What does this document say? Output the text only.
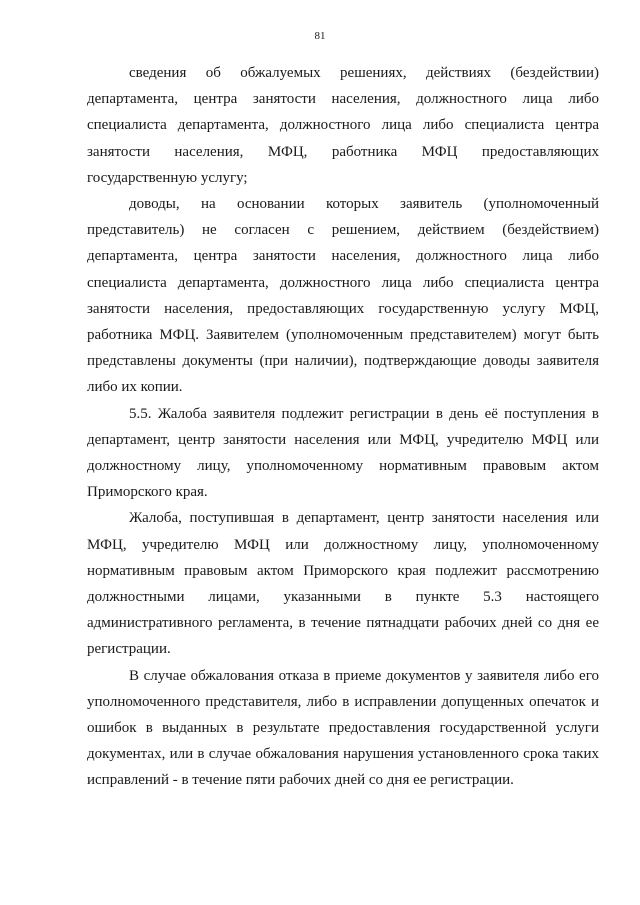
81

сведения об обжалуемых решениях, действиях (бездействии) департамента, центра занятости населения, должностного лица либо специалиста департамента, должностного лица либо специалиста центра занятости населения, МФЦ, работника МФЦ предоставляющих государственную услугу;

доводы, на основании которых заявитель (уполномоченный представитель) не согласен с решением, действием (бездействием) департамента, центра занятости населения, должностного лица либо специалиста департамента, должностного лица либо специалиста центра занятости населения, предоставляющих государственную услугу МФЦ, работника МФЦ. Заявителем (уполномоченным представителем) могут быть представлены документы (при наличии), подтверждающие доводы заявителя либо их копии.

5.5. Жалоба заявителя подлежит регистрации в день её поступления в департамент, центр занятости населения или МФЦ, учредителю МФЦ или должностному лицу, уполномоченному нормативным правовым актом Приморского края.

Жалоба, поступившая в департамент, центр занятости населения или МФЦ, учредителю МФЦ или должностному лицу, уполномоченному нормативным правовым актом Приморского края подлежит рассмотрению должностными лицами, указанными в пункте 5.3 настоящего административного регламента, в течение пятнадцати рабочих дней со дня ее регистрации.

В случае обжалования отказа в приеме документов у заявителя либо его уполномоченного представителя, либо в исправлении допущенных опечаток и ошибок в выданных в результате предоставления государственной услуги документах, или в случае обжалования нарушения установленного срока таких исправлений - в течение пяти рабочих дней со дня ее регистрации.
